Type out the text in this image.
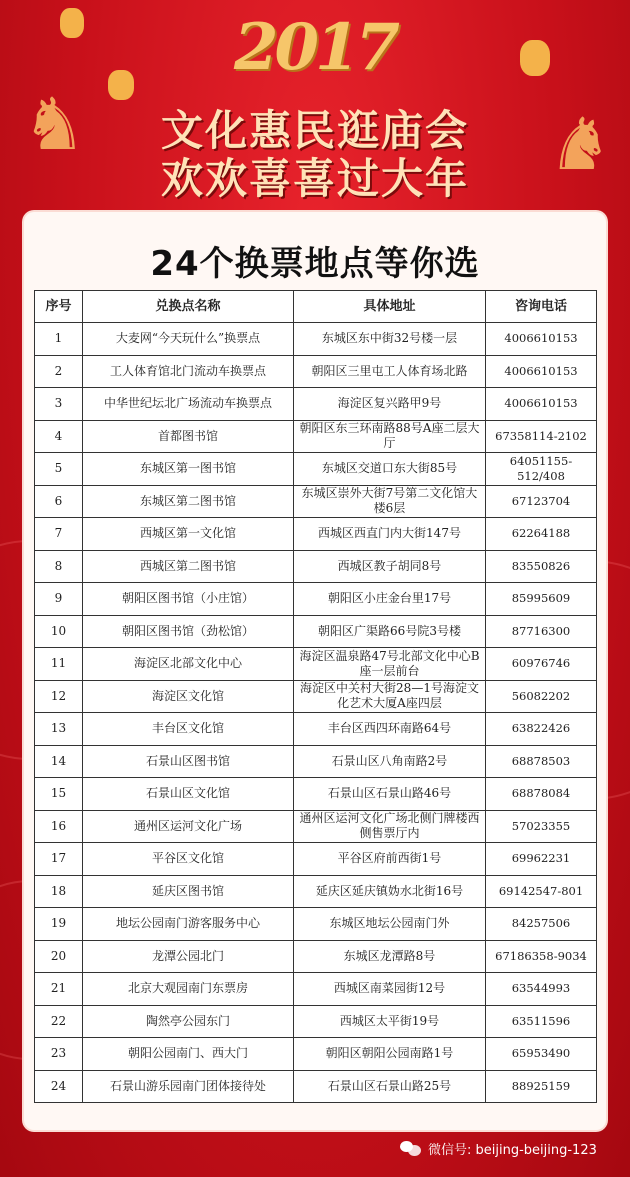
♞	♞
2017
文化惠民逛庙会
欢欢喜喜过大年
24个换票地点等你选
序号	兑换点名称	具体地址	咨询电话
1	大麦网“今天玩什么”换票点	东城区东中街32号楼一层	4006610153
2	工人体育馆北门流动车换票点	朝阳区三里屯工人体育场北路	4006610153
3	中华世纪坛北广场流动车换票点	海淀区复兴路甲9号	4006610153
4	首都图书馆	朝阳区东三环南路88号A座二层大厅	67358114-2102
5	东城区第一图书馆	东城区交道口东大街85号	64051155-512/408
6	东城区第二图书馆	东城区崇外大街7号第二文化馆大楼6层	67123704
7	西城区第一文化馆	西城区西直门内大街147号	62264188
8	西城区第二图书馆	西城区教子胡同8号	83550826
9	朝阳区图书馆（小庄馆）	朝阳区小庄金台里17号	85995609
10	朝阳区图书馆（劲松馆）	朝阳区广渠路66号院3号楼	87716300
11	海淀区北部文化中心	海淀区温泉路47号北部文化中心B座一层前台	60976746
12	海淀区文化馆	海淀区中关村大街28—1号海淀文化艺术大厦A座四层	56082202
13	丰台区文化馆	丰台区西四环南路64号	63822426
14	石景山区图书馆	石景山区八角南路2号	68878503
15	石景山区文化馆	石景山区石景山路46号	68878084
16	通州区运河文化广场	通州区运河文化广场北侧门牌楼西侧售票厅内	57023355
17	平谷区文化馆	平谷区府前西街1号	69962231
18	延庆区图书馆	延庆区延庆镇妫水北街16号	69142547-801
19	地坛公园南门游客服务中心	东城区地坛公园南门外	84257506
20	龙潭公园北门	东城区龙潭路8号	67186358-9034
21	北京大观园南门东票房	西城区南菜园街12号	63544993
22	陶然亭公园东门	西城区太平街19号	63511596
23	朝阳公园南门、西大门	朝阳区朝阳公园南路1号	65953490
24	石景山游乐园南门团体接待处	石景山区石景山路25号	88925159
微信号: beijing-beijing-123
